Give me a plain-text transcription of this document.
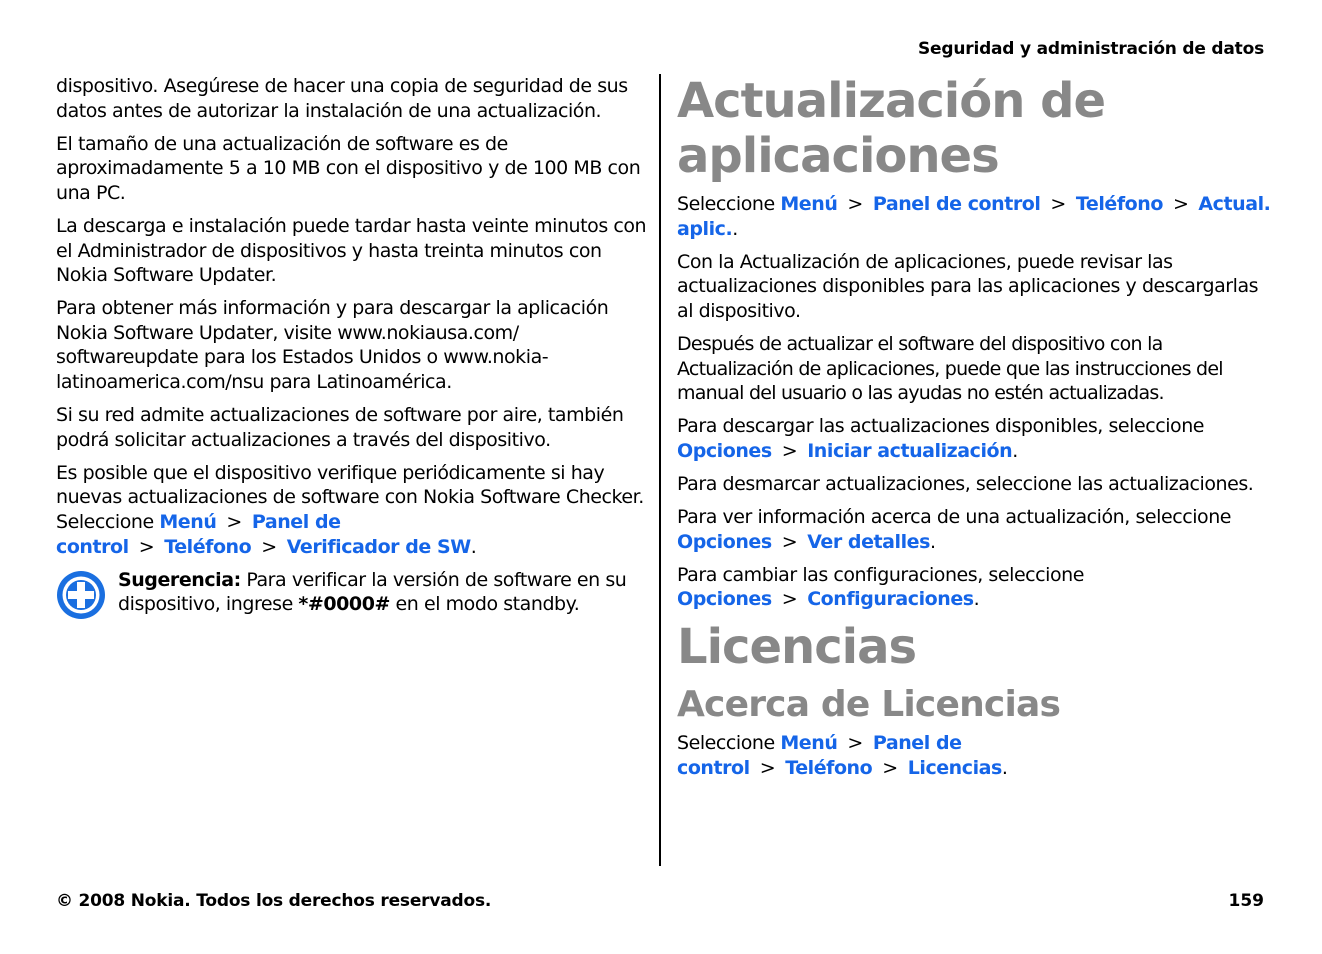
Seguridad y administración de datos

dispositivo. Asegúrese de hacer una copia de seguridad de sus datos antes de autorizar la instalación de una actualización.

El tamaño de una actualización de software es de aproximadamente 5 a 10 MB con el dispositivo y de 100 MB con una PC.

La descarga e instalación puede tardar hasta veinte minutos con el Administrador de dispositivos y hasta treinta minutos con Nokia Software Updater.

Para obtener más información y para descargar la aplicación Nokia Software Updater, visite www.nokiausa.com/ softwareupdate para los Estados Unidos o www.nokia-latinoamerica.com/nsu para Latinoamérica.

Si su red admite actualizaciones de software por aire, también podrá solicitar actualizaciones a través del dispositivo.

Es posible que el dispositivo verifique periódicamente si hay nuevas actualizaciones de software con Nokia Software Checker. Seleccione Menú > Panel de control > Teléfono > Verificador de SW.

Sugerencia: Para verificar la versión de software en su dispositivo, ingrese *#0000# en el modo standby.
Actualización de aplicaciones

Seleccione Menú > Panel de control > Teléfono > Actual. aplic..

Con la Actualización de aplicaciones, puede revisar las actualizaciones disponibles para las aplicaciones y descargarlas al dispositivo.

Después de actualizar el software del dispositivo con la Actualización de aplicaciones, puede que las instrucciones del manual del usuario o las ayudas no estén actualizadas.

Para descargar las actualizaciones disponibles, seleccione Opciones > Iniciar actualización.

Para desmarcar actualizaciones, seleccione las actualizaciones.

Para ver información acerca de una actualización, seleccione Opciones > Ver detalles.

Para cambiar las configuraciones, seleccione Opciones > Configuraciones.

Licencias
Acerca de Licencias

Seleccione Menú > Panel de control > Teléfono > Licencias.

© 2008 Nokia. Todos los derechos reservados.	159
